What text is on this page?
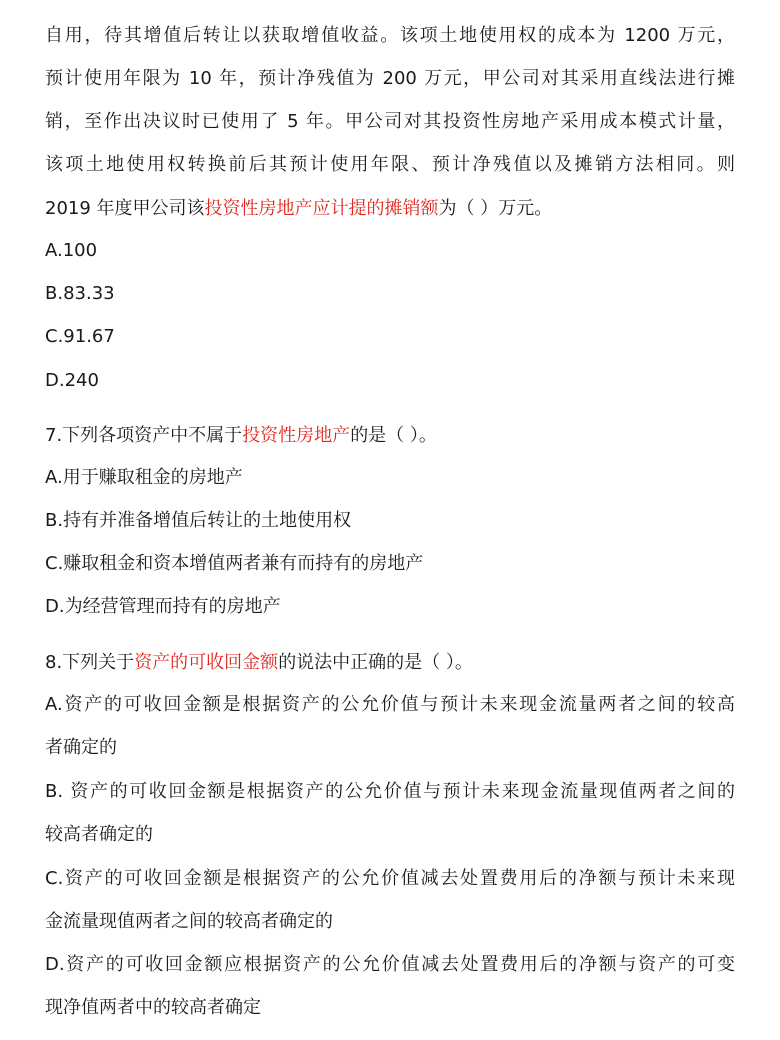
自用，待其增值后转让以获取增值收益。该项土地使用权的成本为 1200 万元，
预计使用年限为 10 年，预计净残值为 200 万元，甲公司对其采用直线法进行摊
销，至作出决议时已使用了 5 年。甲公司对其投资性房地产采用成本模式计量，
该项土地使用权转换前后其预计使用年限、预计净残值以及摊销方法相同。则
2019 年度甲公司该投资性房地产应计提的摊销额为（ ）万元。
A.100
B.83.33
C.91.67
D.240
7.下列各项资产中不属于投资性房地产的是（ ）。
A.用于赚取租金的房地产
B.持有并准备增值后转让的土地使用权
C.赚取租金和资本增值两者兼有而持有的房地产
D.为经营管理而持有的房地产
8.下列关于资产的可收回金额的说法中正确的是（ ）。
A.资产的可收回金额是根据资产的公允价值与预计未来现金流量两者之间的较高
者确定的
B. 资产的可收回金额是根据资产的公允价值与预计未来现金流量现值两者之间的
较高者确定的
C.资产的可收回金额是根据资产的公允价值减去处置费用后的净额与预计未来现
金流量现值两者之间的较高者确定的
D.资产的可收回金额应根据资产的公允价值减去处置费用后的净额与资产的可变
现净值两者中的较高者确定
